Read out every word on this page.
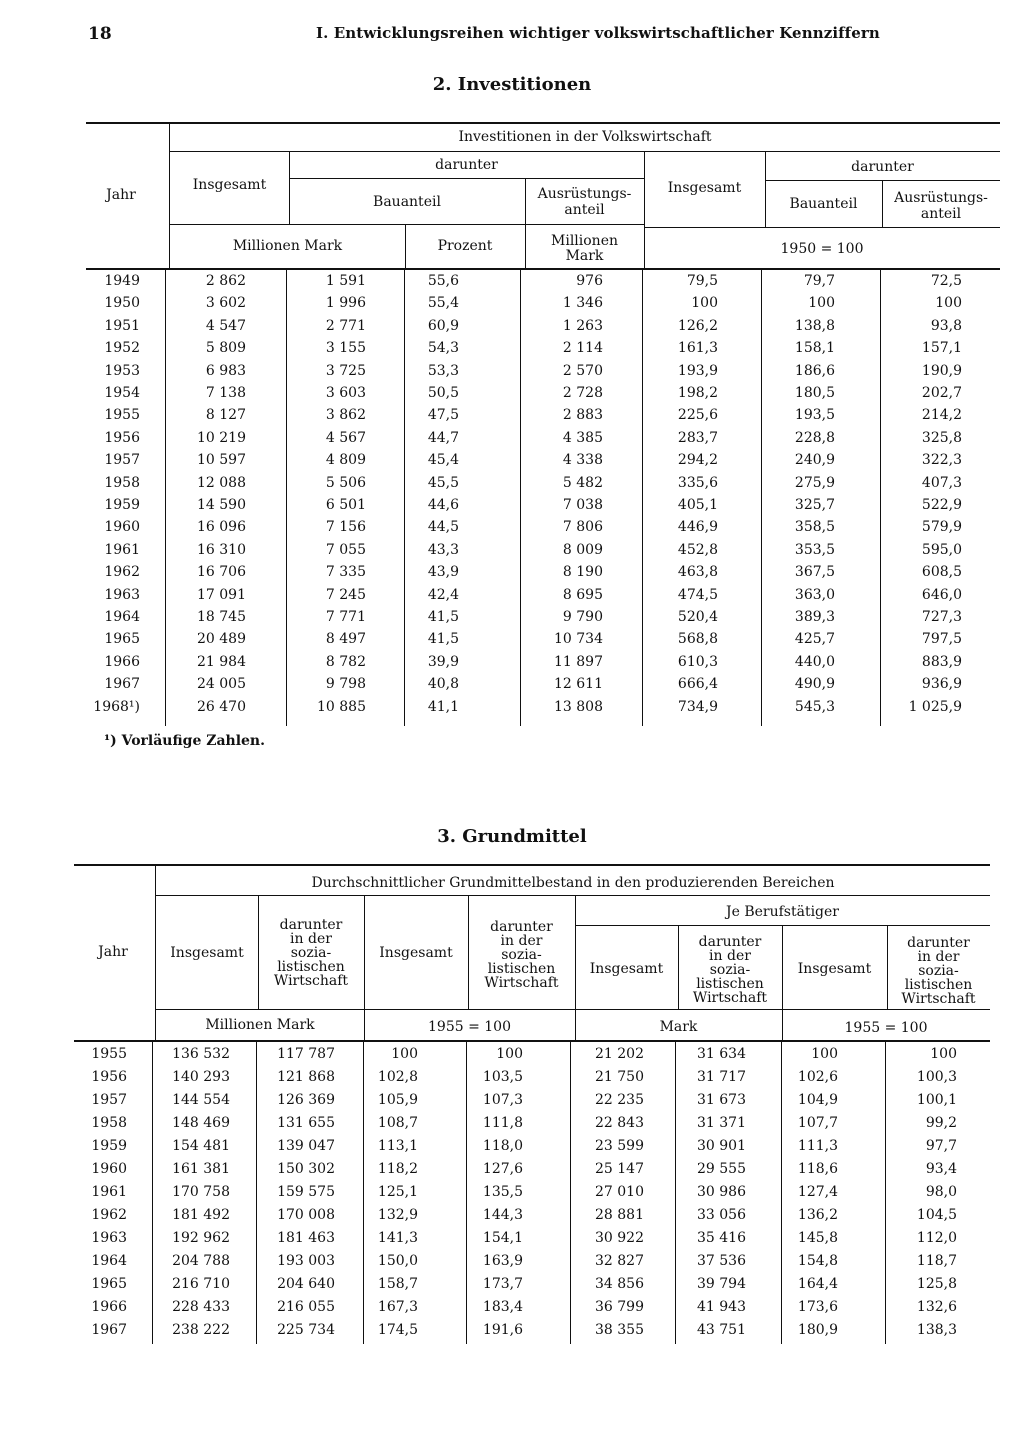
18	I. Entwicklungsreihen wichtiger volkswirtschaftlicher Kennziffern
2. Investitionen
Jahr
Investitionen in der Volkswirtschaft
darunter	darunter
Insgesamt
Bauanteil	Ausrüstungs-
anteil
Insgesamt
Bauanteil	Ausrüstungs-
anteil
Millionen Mark	Prozent	Millionen
Mark	1950 = 100
1949	2 862	1 591	55,6	976	79,5	79,7	72,5
1950	3 602	1 996	55,4	1 346	100	100	100
1951	4 547	2 771	60,9	1 263	126,2	138,8	93,8
1952	5 809	3 155	54,3	2 114	161,3	158,1	157,1
1953	6 983	3 725	53,3	2 570	193,9	186,6	190,9
1954	7 138	3 603	50,5	2 728	198,2	180,5	202,7
1955	8 127	3 862	47,5	2 883	225,6	193,5	214,2
1956	10 219	4 567	44,7	4 385	283,7	228,8	325,8
1957	10 597	4 809	45,4	4 338	294,2	240,9	322,3
1958	12 088	5 506	45,5	5 482	335,6	275,9	407,3
1959	14 590	6 501	44,6	7 038	405,1	325,7	522,9
1960	16 096	7 156	44,5	7 806	446,9	358,5	579,9
1961	16 310	7 055	43,3	8 009	452,8	353,5	595,0
1962	16 706	7 335	43,9	8 190	463,8	367,5	608,5
1963	17 091	7 245	42,4	8 695	474,5	363,0	646,0
1964	18 745	7 771	41,5	9 790	520,4	389,3	727,3
1965	20 489	8 497	41,5	10 734	568,8	425,7	797,5
1966	21 984	8 782	39,9	11 897	610,3	440,0	883,9
1967	24 005	9 798	40,8	12 611	666,4	490,9	936,9
1968¹)	26 470	10 885	41,1	13 808	734,9	545,3	1 025,9
¹) Vorläufige Zahlen.
3. Grundmittel
Jahr
Durchschnittlicher Grundmittelbestand in den produzierenden Bereichen
Je Berufstätiger
Insgesamt
darunter
in der
sozia-
listischen
Wirtschaft
Insgesamt
darunter
in der
sozia-
listischen
Wirtschaft
Insgesamt
darunter
in der
sozia-
listischen
Wirtschaft
Insgesamt
darunter
in der
sozia-
listischen
Wirtschaft
Millionen Mark	1955 = 100	Mark	1955 = 100
1955	136 532	117 787	100	100	21 202	31 634	100	100
1956	140 293	121 868	102,8	103,5	21 750	31 717	102,6	100,3
1957	144 554	126 369	105,9	107,3	22 235	31 673	104,9	100,1
1958	148 469	131 655	108,7	111,8	22 843	31 371	107,7	99,2
1959	154 481	139 047	113,1	118,0	23 599	30 901	111,3	97,7
1960	161 381	150 302	118,2	127,6	25 147	29 555	118,6	93,4
1961	170 758	159 575	125,1	135,5	27 010	30 986	127,4	98,0
1962	181 492	170 008	132,9	144,3	28 881	33 056	136,2	104,5
1963	192 962	181 463	141,3	154,1	30 922	35 416	145,8	112,0
1964	204 788	193 003	150,0	163,9	32 827	37 536	154,8	118,7
1965	216 710	204 640	158,7	173,7	34 856	39 794	164,4	125,8
1966	228 433	216 055	167,3	183,4	36 799	41 943	173,6	132,6
1967	238 222	225 734	174,5	191,6	38 355	43 751	180,9	138,3
